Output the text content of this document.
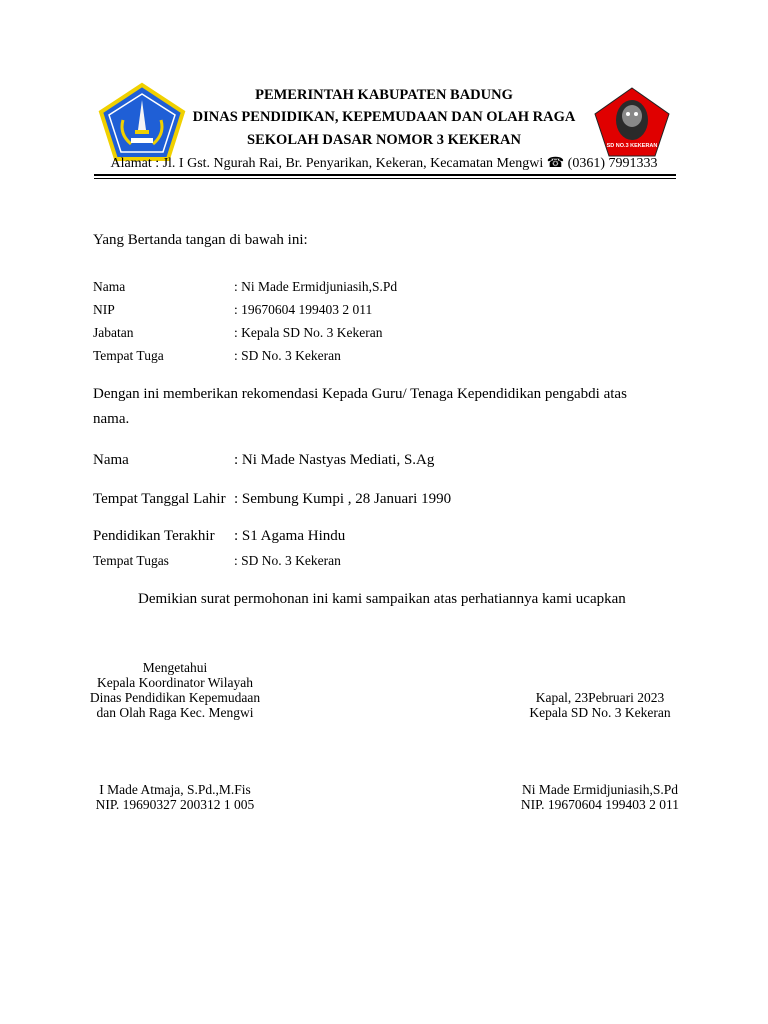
SD NO.3 KEKERAN
PEMERINTAH KABUPATEN BADUNG
DINAS PENDIDIKAN, KEPEMUDAAN DAN OLAH RAGA
SEKOLAH DASAR NOMOR 3 KEKERAN
Alamat : Jl. I Gst. Ngurah Rai, Br. Penyarikan, Kekeran, Kecamatan Mengwi ☎ (0361) 7991333
Yang Bertanda tangan di bawah ini:
Nama	: Ni Made Ermidjuniasih,S.Pd
NIP	: 19670604 199403 2 011
Jabatan	: Kepala SD No. 3 Kekeran
Tempat Tuga	: SD No. 3 Kekeran
Dengan ini memberikan rekomendasi Kepada Guru/ Tenaga Kependidikan pengabdi atas
nama.
Nama	: Ni Made Nastyas Mediati, S.Ag
Tempat Tanggal Lahir : Sembung Kumpi , 28 Januari 1990
Pendidikan Terakhir : S1 Agama Hindu
Tempat Tugas	: SD No. 3 Kekeran
Demikian surat permohonan ini kami sampaikan atas perhatiannya kami ucapkan
Mengetahui
Kepala Koordinator Wilayah
Dinas Pendidikan Kepemudaan
dan Olah Raga Kec. Mengwi
I Made Atmaja, S.Pd.,M.Fis
NIP. 19690327 200312 1 005
Kapal, 23Pebruari 2023
Kepala SD No. 3 Kekeran
Ni Made Ermidjuniasih,S.Pd
NIP. 19670604 199403 2 011
